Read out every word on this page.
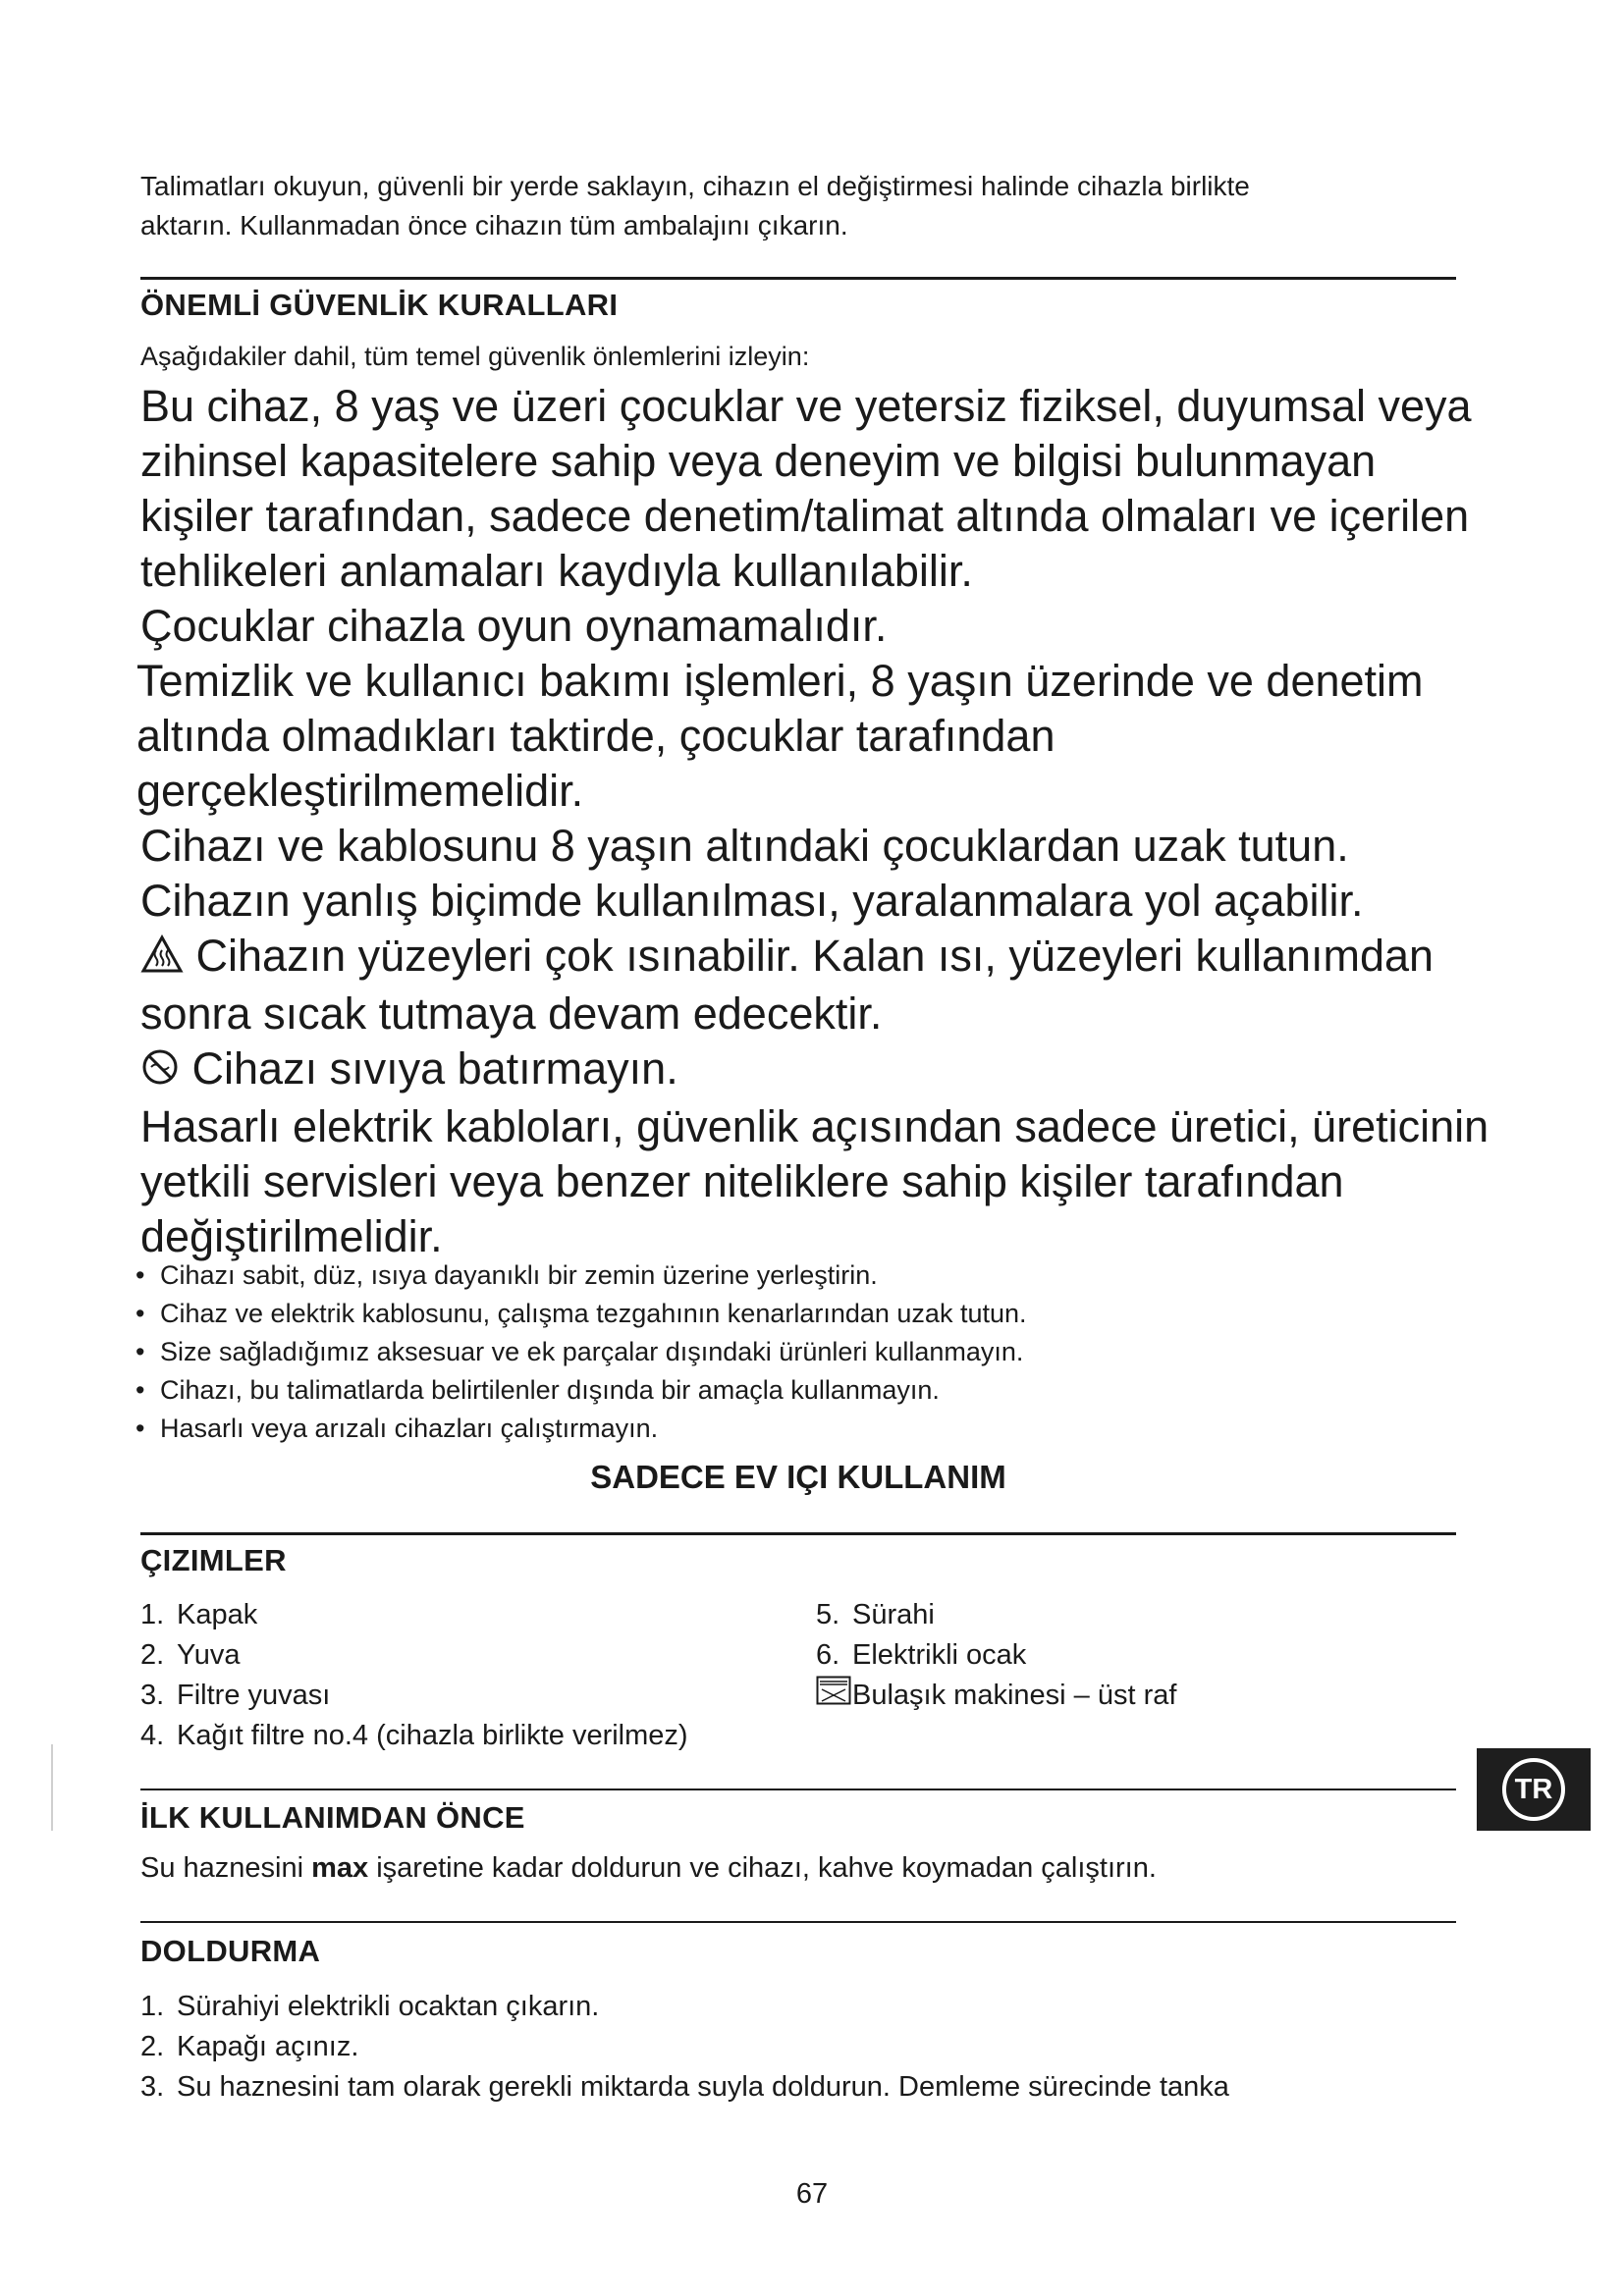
Talimatları okuyun, güvenli bir yerde saklayın, cihazın el değiştirmesi halinde cihazla birlikte
aktarın. Kullanmadan önce cihazın tüm ambalajını çıkarın.
ÖNEMLİ GÜVENLİK KURALLARI
Aşağıdakiler dahil, tüm temel güvenlik önlemlerini izleyin:

Bu cihaz, 8 yaş ve üzeri çocuklar ve yetersiz fiziksel, duyumsal veya zihinsel kapasitelere sahip veya deneyim ve bilgisi bulunmayan kişiler tarafından, sadece denetim/talimat altında olmaları ve içerilen tehlikeleri anlamaları kaydıyla kullanılabilir.

Çocuklar cihazla oyun oynamamalıdır.

Temizlik ve kullanıcı bakımı işlemleri, 8 yaşın üzerinde ve denetim altında olmadıkları taktirde, çocuklar tarafından gerçekleştirilmemelidir.

Cihazı ve kablosunu 8 yaşın altındaki çocuklardan uzak tutun.

Cihazın yanlış biçimde kullanılması, yaralanmalara yol açabilir.

Cihazın yüzeyleri çok ısınabilir. Kalan ısı, yüzeyleri kullanımdan sonra sıcak tutmaya devam edecektir.

Cihazı sıvıya batırmayın.

Hasarlı elektrik kabloları, güvenlik açısından sadece üretici, üreticinin yetkili servisleri veya benzer niteliklere sahip kişiler tarafından değiştirilmelidir.

• Cihazı sabit, düz, ısıya dayanıklı bir zemin üzerine yerleştirin.
• Cihaz ve elektrik kablosunu, çalışma tezgahının kenarlarından uzak tutun.
• Size sağladığımız aksesuar ve ek parçalar dışındaki ürünleri kullanmayın.
• Cihazı, bu talimatlarda belirtilenler dışında bir amaçla kullanmayın.
• Hasarlı veya arızalı cihazları çalıştırmayın.
SADECE EV IÇI KULLANIM
ÇIZIMLER
1. Kapak
2. Yuva
3. Filtre yuvası
4. Kağıt filtre no.4 (cihazla birlikte verilmez)
5. Sürahi
6. Elektrikli ocak
Bulaşık makinesi – üst raf
TR
İLK KULLANIMDAN ÖNCE
Su haznesini max işaretine kadar doldurun ve cihazı, kahve koymadan çalıştırın.
DOLDURMA
1. Sürahiyi elektrikli ocaktan çıkarın.
2. Kapağı açınız.
3. Su haznesini tam olarak gerekli miktarda suyla doldurun. Demleme sürecinde tanka
67
